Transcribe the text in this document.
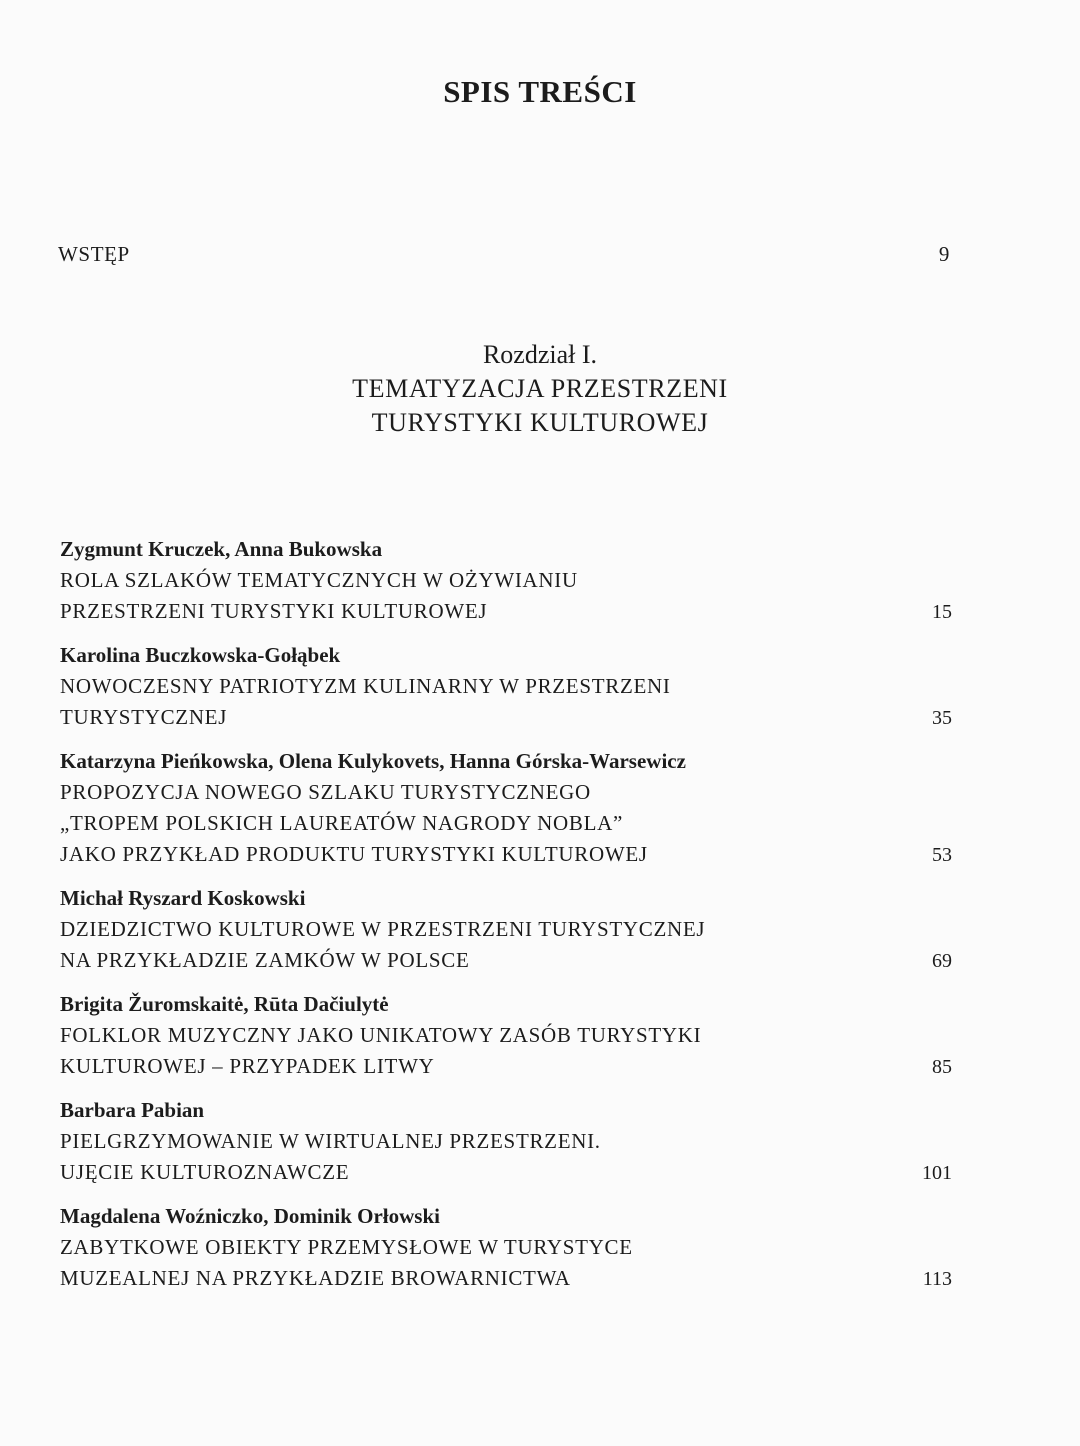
SPIS TREŚCI
WSTĘP	9
Rozdział I.
TEMATYZACJA PRZESTRZENI
TURYSTYKI KULTUROWEJ
Zygmunt Kruczek, Anna Bukowska
ROLA SZLAKÓW TEMATYCZNYCH W OŻYWIANIU
PRZESTRZENI TURYSTYKI KULTUROWEJ	15
Karolina Buczkowska-Gołąbek
NOWOCZESNY PATRIOTYZM KULINARNY W PRZESTRZENI
TURYSTYCZNEJ	35
Katarzyna Pieńkowska, Olena Kulykovets, Hanna Górska-Warsewicz
PROPOZYCJA NOWEGO SZLAKU TURYSTYCZNEGO
„TROPEM POLSKICH LAUREATÓW NAGRODY NOBLA”
JAKO PRZYKŁAD PRODUKTU TURYSTYKI KULTUROWEJ	53
Michał Ryszard Koskowski
DZIEDZICTWO KULTUROWE W PRZESTRZENI TURYSTYCZNEJ
NA PRZYKŁADZIE ZAMKÓW W POLSCE	69
Brigita Žuromskaitė, Rūta Dačiulytė
FOLKLOR MUZYCZNY JAKO UNIKATOWY ZASÓB TURYSTYKI
KULTUROWEJ – PRZYPADEK LITWY	85
Barbara Pabian
PIELGRZYMOWANIE W WIRTUALNEJ PRZESTRZENI.
UJĘCIE KULTUROZNAWCZE	101
Magdalena Woźniczko, Dominik Orłowski
ZABYTKOWE OBIEKTY PRZEMYSŁOWE W TURYSTYCE
MUZEALNEJ NA PRZYKŁADZIE BROWARNICTWA	113
